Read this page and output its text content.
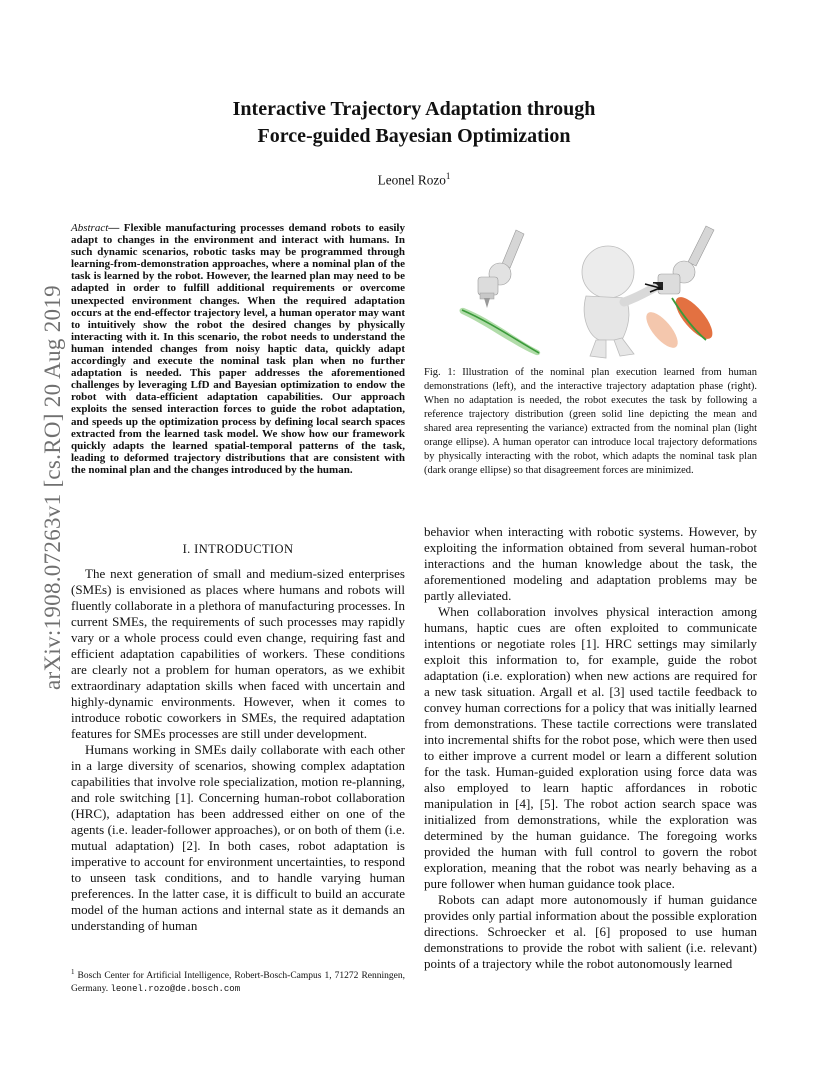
arXiv:1908.07263v1 [cs.RO] 20 Aug 2019
Interactive Trajectory Adaptation through
Force-guided Bayesian Optimization
Leonel Rozo$^1$
Abstract— Flexible manufacturing processes demand robots to easily adapt to changes in the environment and interact with humans. In such dynamic scenarios, robotic tasks may be programmed through learning-from-demonstration approaches, where a nominal plan of the task is learned by the robot. However, the learned plan may need to be adapted in order to fulfill additional requirements or overcome unexpected environment changes. When the required adaptation occurs at the end-effector trajectory level, a human operator may want to intuitively show the robot the desired changes by physically interacting with it. In this scenario, the robot needs to understand the human intended changes from noisy haptic data, quickly adapt accordingly and execute the nominal task plan when no further adaptation is needed. This paper addresses the aforementioned challenges by leveraging LfD and Bayesian optimization to endow the robot with data-efficient adaptation capabilities. Our approach exploits the sensed interaction forces to guide the robot adaptation, and speeds up the optimization process by defining local search spaces extracted from the learned task model. We show how our framework quickly adapts the learned spatial-temporal patterns of the task, leading to deformed trajectory distributions that are consistent with the nominal plan and the changes introduced by the human.
I. INTRODUCTION

The next generation of small and medium-sized enterprises (SMEs) is envisioned as places where humans and robots will fluently collaborate in a plethora of manufacturing processes. In current SMEs, the requirements of such processes may rapidly vary or a whole process could even change, requiring fast and efficient adaptation capabilities of workers. These conditions are clearly not a problem for human operators, as we exhibit extraordinary adaptation skills when faced with uncertain and highly-dynamic environments. However, when it comes to introduce robotic coworkers in SMEs, the required adaptation features for SMEs processes are still under development.

Humans working in SMEs daily collaborate with each other in a large diversity of scenarios, showing complex adaptation capabilities that involve role specialization, motion re-planning, and role switching [1]. Concerning human-robot collaboration (HRC), adaptation has been addressed either on one of the agents (i.e. leader-follower approaches), or on both of them (i.e. mutual adaptation) [2]. In both cases, robot adaptation is imperative to account for environment uncertainties, to respond to unseen task conditions, and to handle varying human preferences. In the latter case, it is difficult to build an accurate model of the human actions and internal state as it demands an understanding of human

$^1$ Bosch Center for Artificial Intelligence, Robert-Bosch-Campus 1, 71272 Renningen, Germany. leonel.rozo@de.bosch.com
Fig. 1: Illustration of the nominal plan execution learned from human demonstrations (left), and the interactive trajectory adaptation phase (right). When no adaptation is needed, the robot executes the task by following a reference trajectory distribution (green solid line depicting the mean and shared area representing the variance) extracted from the nominal plan (light orange ellipse). A human operator can introduce local trajectory deformations by physically interacting with the robot, which adapts the nominal task plan (dark orange ellipse) so that disagreement forces are minimized.

behavior when interacting with robotic systems. However, by exploiting the information obtained from several human-robot interactions and the human knowledge about the task, the aforementioned modeling and adaptation problems may be partly alleviated.

When collaboration involves physical interaction among humans, haptic cues are often exploited to communicate intentions or negotiate roles [1]. HRC settings may similarly exploit this information to, for example, guide the robot adaptation (i.e. exploration) when new actions are required for a new task situation. Argall et al. [3] used tactile feedback to convey human corrections for a policy that was initially learned from demonstrations. These tactile corrections were translated into incremental shifts for the robot pose, which were then used to either improve a current model or learn a different solution for the task. Human-guided exploration using force data was also employed to learn haptic affordances in robotic manipulation in [4], [5]. The robot action search space was initialized from demonstrations, while the exploration was determined by the human guidance. The foregoing works provided the human with full control to govern the robot exploration, meaning that the robot was nearly behaving as a pure follower when human guidance took place.

Robots can adapt more autonomously if human guidance provides only partial information about the possible exploration directions. Schroecker et al. [6] proposed to use human demonstrations to provide the robot with salient (i.e. relevant) points of a trajectory while the robot autonomously learned
